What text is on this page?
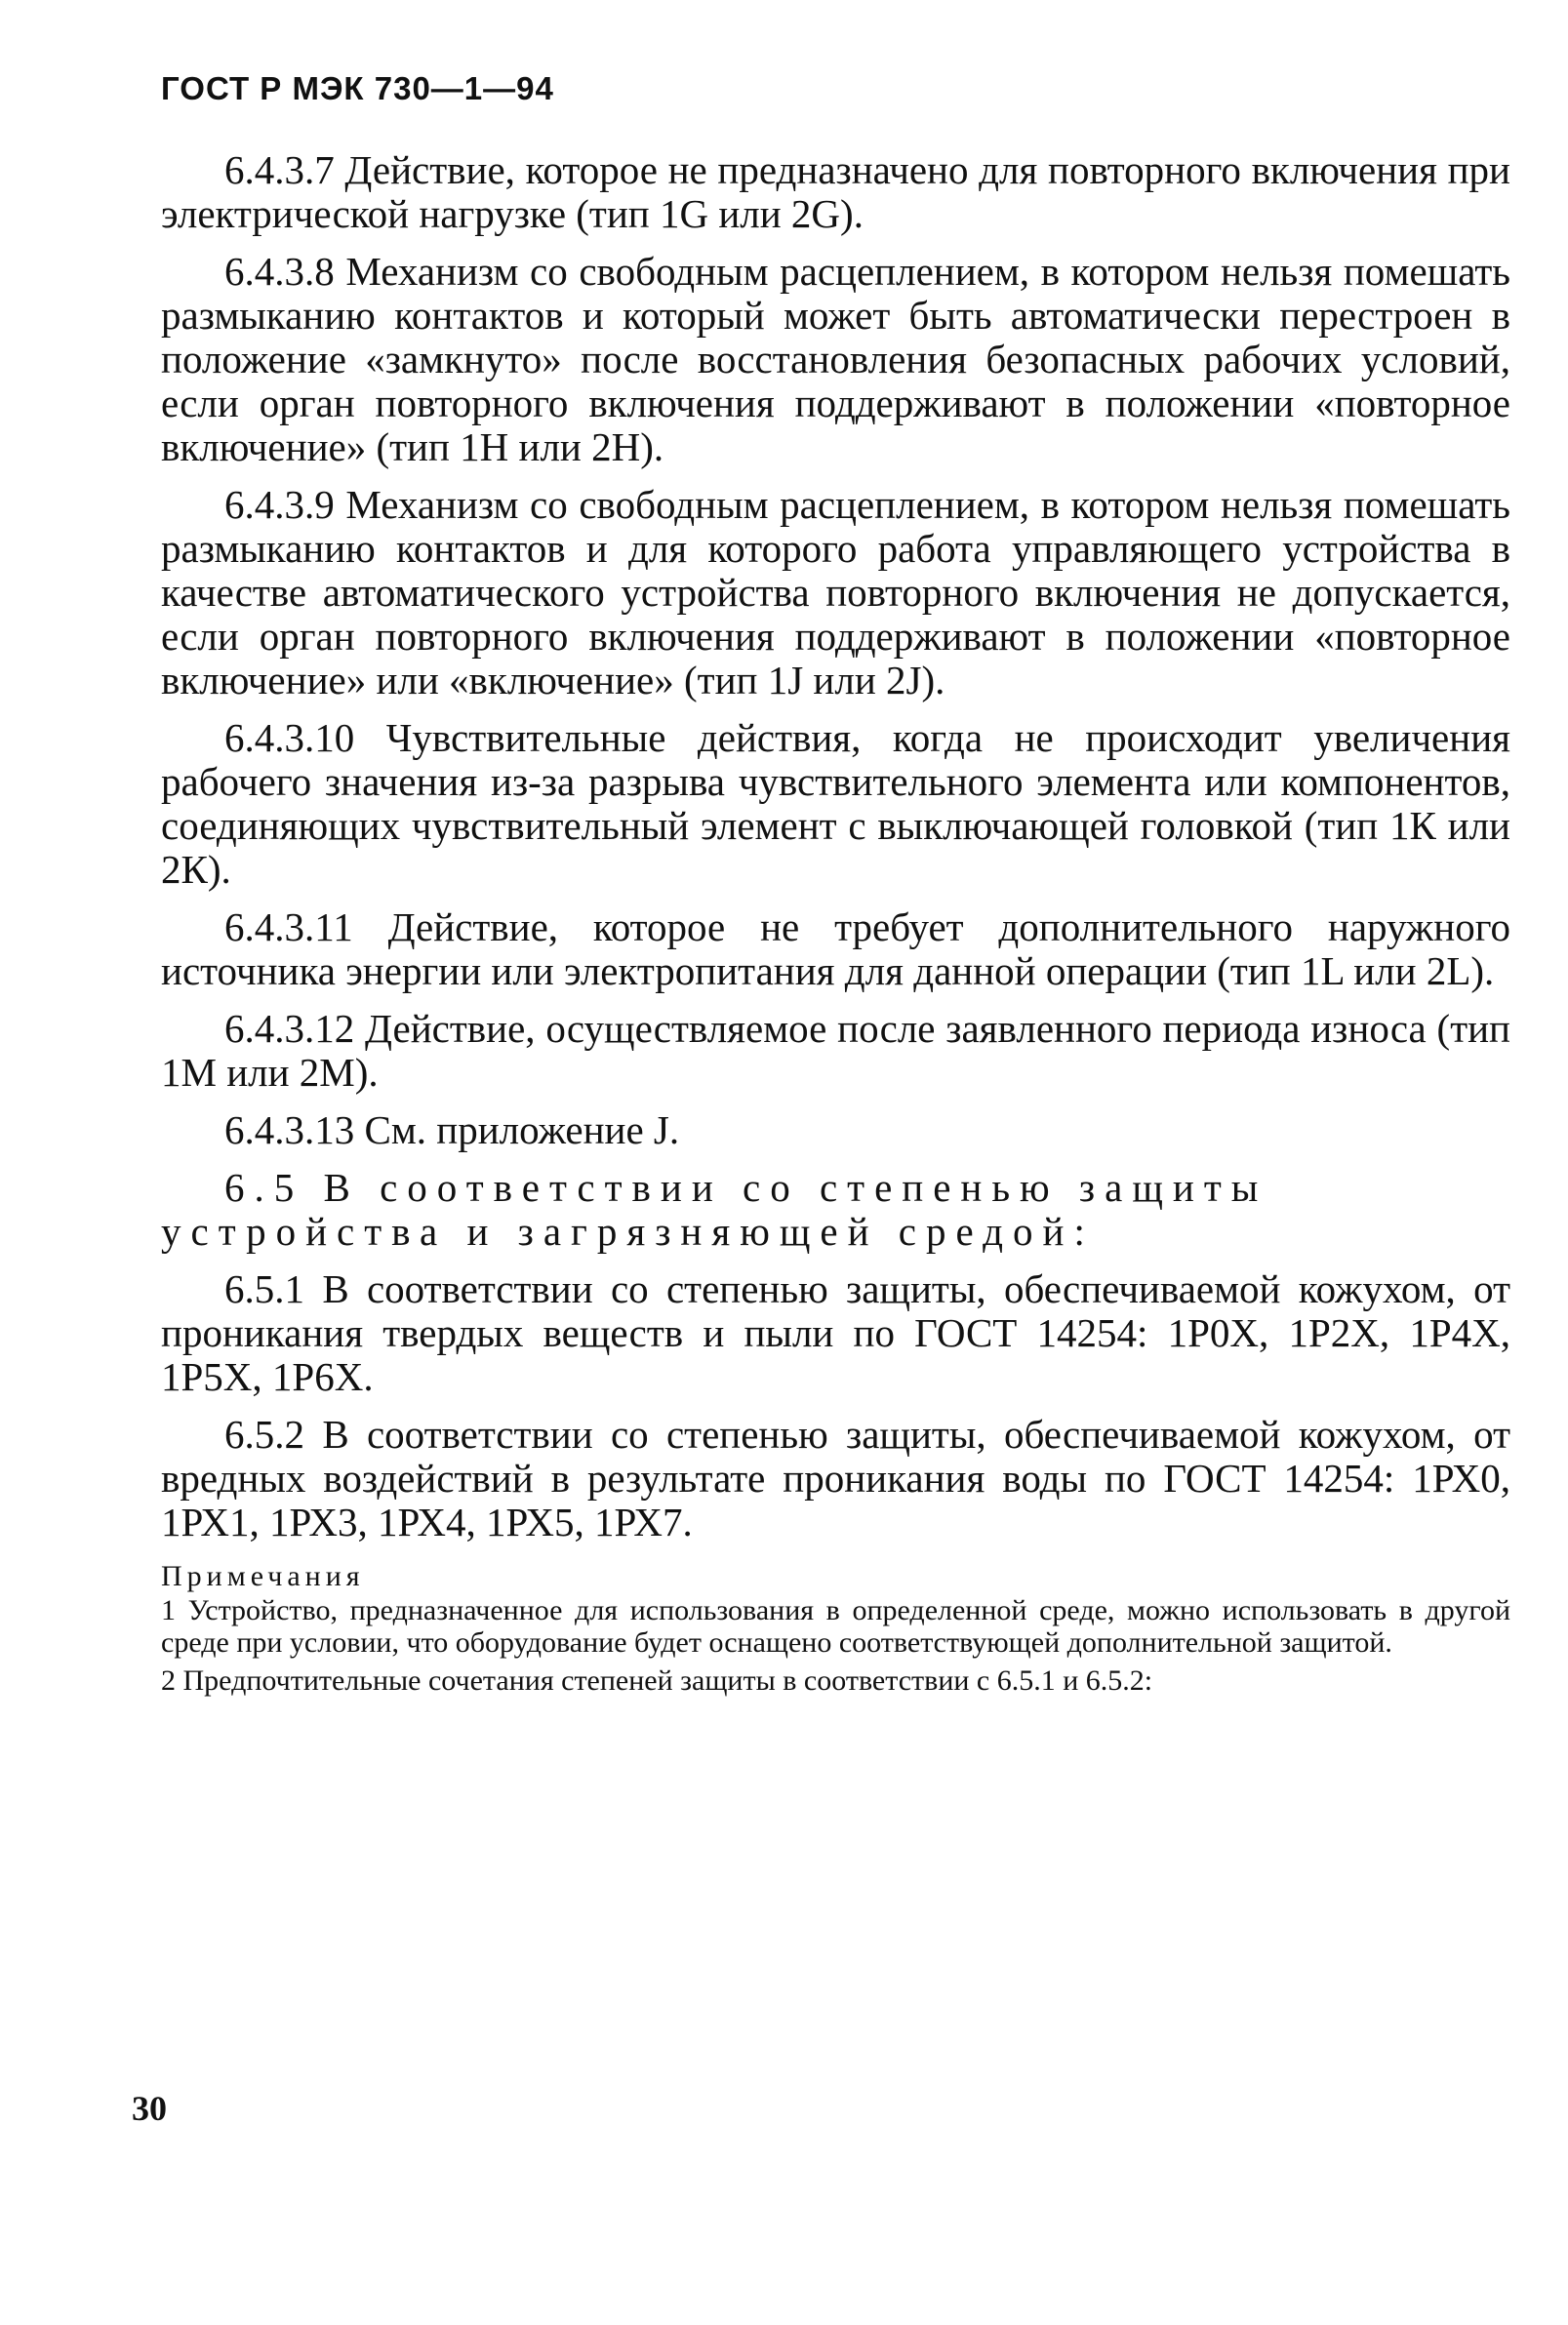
ГОСТ Р МЭК 730—1—94

6.4.3.7 Действие, которое не предназначено для повторного включения при электрической нагрузке (тип 1G или 2G).

6.4.3.8 Механизм со свободным расцеплением, в котором нельзя помешать размыканию контактов и который может быть автоматически перестроен в положение «замкнуто» после восстановления безопасных рабочих условий, если орган повторного включения поддерживают в положении «повторное включение» (тип 1Н или 2Н).

6.4.3.9 Механизм со свободным расцеплением, в котором нельзя помешать размыканию контактов и для которого работа управляющего устройства в качестве автоматического устройства повторного включения не допускается, если орган повторного включения поддерживают в положении «повторное включение» или «включение» (тип 1J или 2J).

6.4.3.10 Чувствительные действия, когда не происходит увеличения рабочего значения из-за разрыва чувствительного элемента или компонентов, соединяющих чувствительный элемент с выключающей головкой (тип 1К или 2К).

6.4.3.11 Действие, которое не требует дополнительного наружного источника энергии или электропитания для данной операции (тип 1L или 2L).

6.4.3.12 Действие, осуществляемое после заявленного периода износа (тип 1М или 2М).

6.4.3.13 См. приложение J.

6.5 В соответствии со степенью защиты устройства и загрязняющей средой:

6.5.1 В соответствии со степенью защиты, обеспечиваемой кожухом, от проникания твердых веществ и пыли по ГОСТ 14254: 1Р0Х, 1Р2Х, 1Р4Х, 1Р5Х, 1Р6Х.

6.5.2 В соответствии со степенью защиты, обеспечиваемой кожухом, от вредных воздействий в результате проникания воды по ГОСТ 14254: 1РХ0, 1РХ1, 1РХ3, 1РХ4, 1РХ5, 1РХ7.

Примечания

1 Устройство, предназначенное для использования в определенной среде, можно использовать в другой среде при условии, что оборудование будет оснащено соответствующей дополнительной защитой.

2 Предпочтительные сочетания степеней защиты в соответствии с 6.5.1 и 6.5.2:

30
